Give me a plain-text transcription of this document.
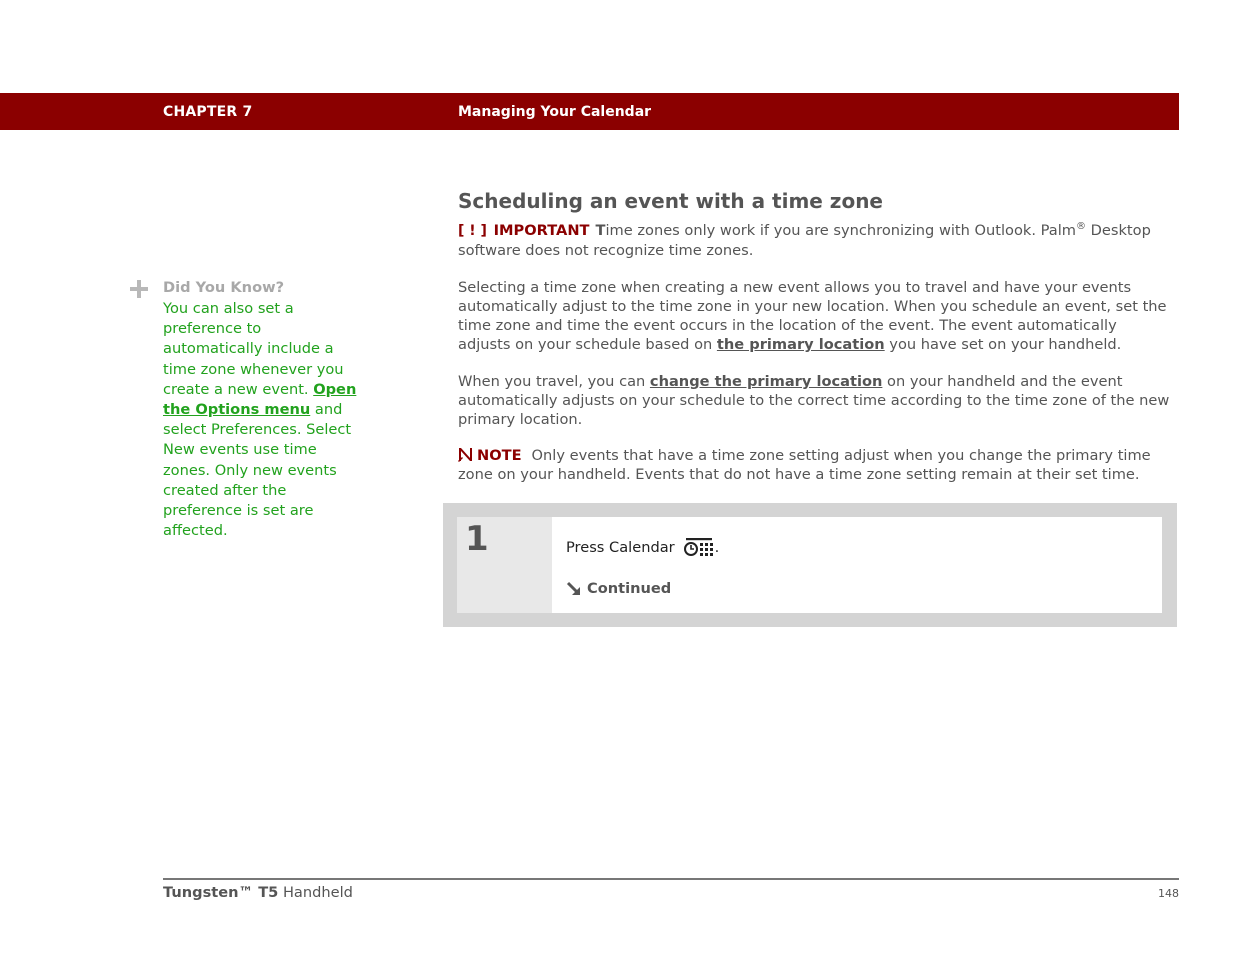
CHAPTER 7	Managing Your Calendar
Did You Know?
You can also set a preference to automatically include a time zone whenever you create a new event. Open the Options menu and select Preferences. Select New events use time zones. Only new events created after the preference is set are affected.
Scheduling an event with a time zone
[ ! ] IMPORTANT Time zones only work if you are synchronizing with Outlook. Palm® Desktop software does not recognize time zones.
Selecting a time zone when creating a new event allows you to travel and have your events automatically adjust to the time zone in your new location. When you schedule an event, set the time zone and time the event occurs in the location of the event. The event automatically adjusts on your schedule based on the primary location you have set on your handheld.
When you travel, you can change the primary location on your handheld and the event automatically adjusts on your schedule to the correct time according to the time zone of the new primary location.
NOTE Only events that have a time zone setting adjust when you change the primary time zone on your handheld. Events that do not have a time zone setting remain at their set time.
1	Press Calendar	.
Continued
Tungsten™ T5 Handheld	148
